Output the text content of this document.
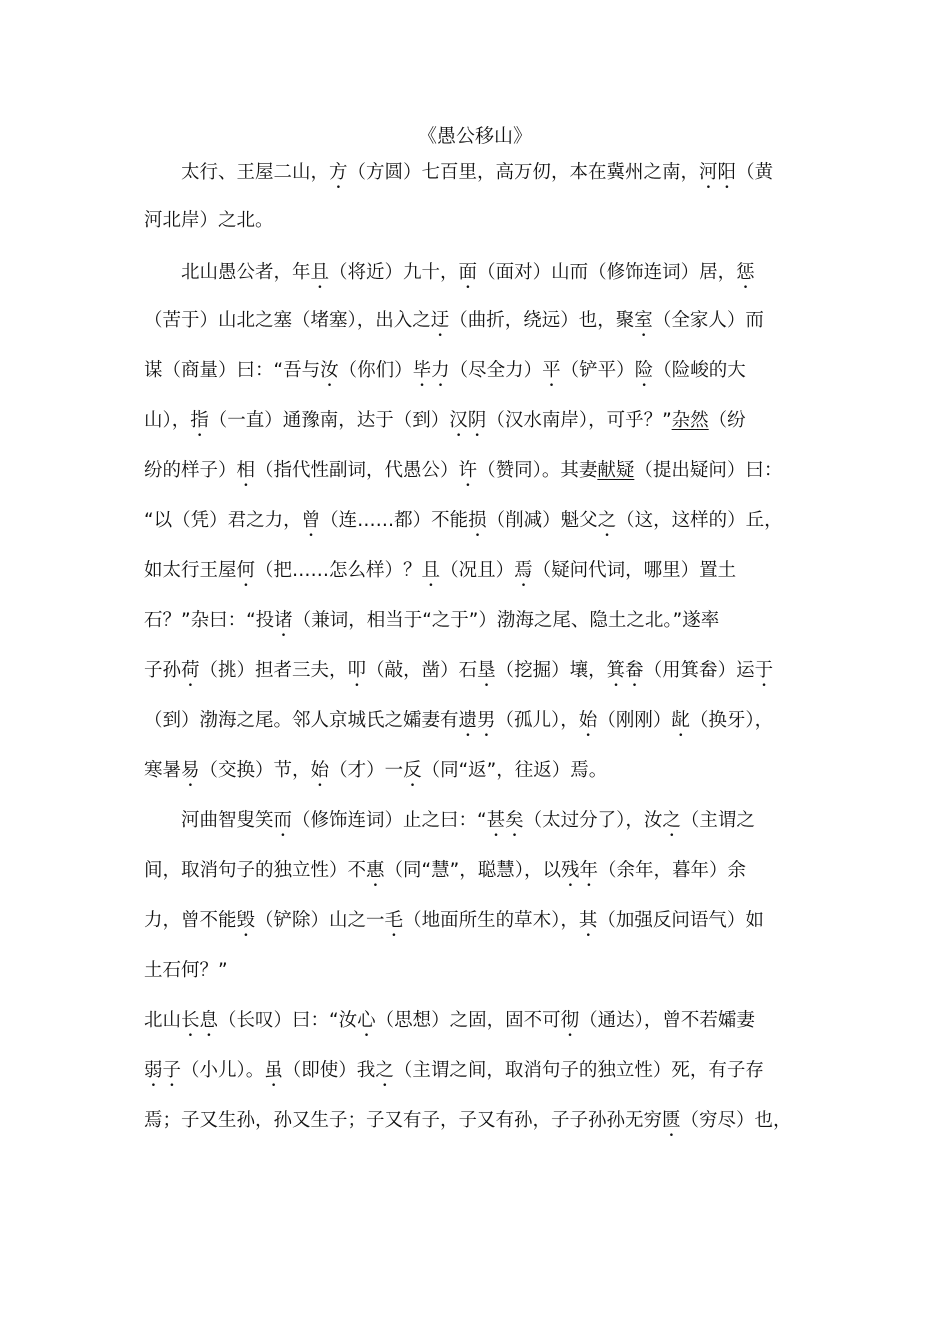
《愚公移山》
　　太行、王屋二山，方（方圆）七百里，高万仞，本在冀州之南，河阳（黄
河北岸）之北。
　　北山愚公者，年且（将近）九十，面（面对）山而（修饰连词）居，惩
（苦于）山北之塞（堵塞），出入之迂（曲折，绕远）也，聚室（全家人）而
谋（商量）曰：“吾与汝（你们）毕力（尽全力）平（铲平）险（险峻的大
山），指（一直）通豫南，达于（到）汉阴（汉水南岸），可乎？”杂然（纷
纷的样子）相（指代性副词，代愚公）许（赞同）。其妻献疑（提出疑问）曰：
“以（凭）君之力，曾（连……都）不能损（削减）魁父之（这，这样的）丘，
如太行王屋何（把……怎么样）？且（况且）焉（疑问代词，哪里）置土
石？”杂曰：“投诸（兼词，相当于“之于”）渤海之尾、隐土之北。”遂率
子孙荷（挑）担者三夫，叩（敲，凿）石垦（挖掘）壤，箕畚（用箕畚）运于
（到）渤海之尾。邻人京城氏之孀妻有遗男（孤儿），始（刚刚）龀（换牙），
寒暑易（交换）节，始（才）一反（同“返”，往返）焉。
　　河曲智叟笑而（修饰连词）止之曰：“甚矣（太过分了），汝之（主谓之
间，取消句子的独立性）不惠（同“慧”，聪慧），以残年（余年，暮年）余
力，曾不能毁（铲除）山之一毛（地面所生的草木），其（加强反问语气）如
土石何？”
北山长息（长叹）曰：“汝心（思想）之固，固不可彻（通达），曾不若孀妻
弱子（小儿）。虽（即使）我之（主谓之间，取消句子的独立性）死，有子存
焉；子又生孙，孙又生子；子又有子，子又有孙，子子孙孙无穷匮（穷尽）也，
